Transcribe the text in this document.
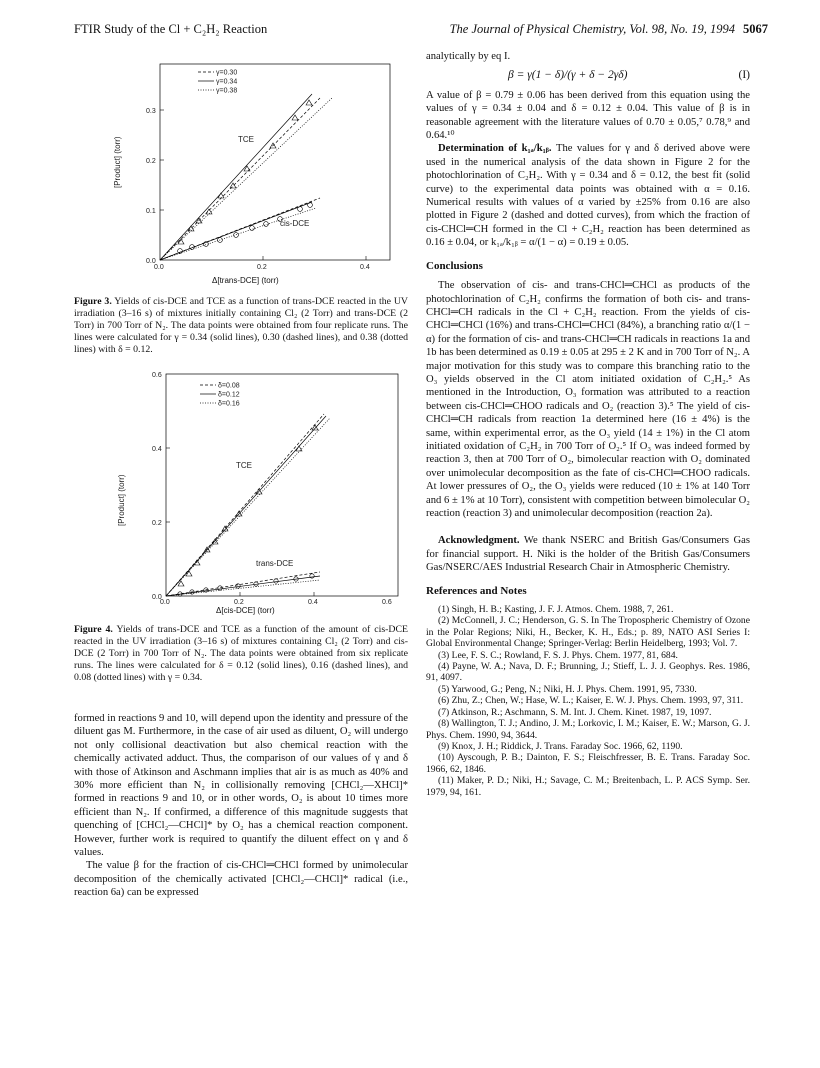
FTIR Study of the Cl + C₂H₂ Reaction	The Journal of Physical Chemistry, Vol. 98, No. 19, 1994 5067
0.0
0.1
0.2
0.3
0.0	0.2	0.4
[Product] (torr)
γ=0.30
γ=0.34
γ=0.38
TCE
cis-DCE
Figure 3. Yields of cis-DCE and TCE as a function of trans-DCE reacted in the UV irradiation (3–16 s) of mixtures initially containing Cl₂ (2 Torr) and trans-DCE (2 Torr) in 700 Torr of N₂. The data points were obtained from four replicate runs. The lines were calculated for γ = 0.34 (solid lines), 0.30 (dashed lines), and 0.38 (dotted lines) with δ = 0.12.
Δ[trans-DCE] (torr)
0.0
0.2
0.4
0.6
0.0	0.2	0.4	0.6
[Product] (torr)
δ=0.08
δ=0.12
δ=0.16
TCE
trans-DCE
Δ[cis-DCE] (torr)
Figure 4. Yields of trans-DCE and TCE as a function of the amount of cis-DCE reacted in the UV irradiation (3–16 s) of mixtures containing Cl₂ (2 Torr) and cis-DCE (2 Torr) in 700 Torr of N₂. The data points were obtained from six replicate runs. The lines were calculated for δ = 0.12 (solid lines), 0.16 (dashed lines), and 0.08 (dotted lines) with γ = 0.34.

formed in reactions 9 and 10, will depend upon the identity and pressure of the diluent gas M. Furthermore, in the case of air used as diluent, O₂ will undergo not only collisional deactivation but also chemical reaction with the chemically activated adduct. Thus, the comparison of our values of γ and δ with those of Atkinson and Aschmann implies that air is as much as 40% and 30% more efficient than N₂ in collisionally removing [CHCl₂—XHCl]* formed in reactions 9 and 10, or in other words, O₂ is about 10 times more efficient than N₂. If confirmed, a difference of this magnitude suggests that quenching of [CHCl₂—CHCl]* by O₂ has a chemical reaction component. However, further work is required to quantify the diluent effect on γ and δ values.

The value β for the fraction of cis-CHCl═CHCl formed by unimolecular decomposition of the chemically activated [CHCl₂—CHCl]* radical (i.e., reaction 6a) can be expressed

analytically by eq I.

β = γ(1 − δ)/(γ + δ − 2γδ)	(I)

A value of β = 0.79 ± 0.06 has been derived from this equation using the values of γ = 0.34 ± 0.04 and δ = 0.12 ± 0.04. This value of β is in reasonable agreement with the literature values of 0.70 ± 0.05,⁷ 0.78,⁹ and 0.64.¹⁰

Determination of k₁ₐ/k₁ᵦ. The values for γ and δ derived above were used in the numerical analysis of the data shown in Figure 2 for the photochlorination of C₂H₂. With γ = 0.34 and δ = 0.12, the best fit (solid curve) to the experimental data points was obtained with α = 0.16. Numerical results with values of α varied by ±25% from 0.16 are also plotted in Figure 2 (dashed and dotted curves), from which the fraction of cis-CHCl═CH formed in the Cl + C₂H₂ reaction has been determined as 0.16 ± 0.04, or k₁ₐ/k₁ᵦ = α/(1 − α) = 0.19 ± 0.05.

Conclusions

The observation of cis- and trans-CHCl═CHCl as products of the photochlorination of C₂H₂ confirms the formation of both cis- and trans-CHCl═CH radicals in the Cl + C₂H₂ reaction. From the yields of cis-CHCl═CHCl (16%) and trans-CHCl═CHCl (84%), a branching ratio α/(1 − α) for the formation of cis- and trans-CHCl═CH radicals in reactions 1a and 1b has been determined as 0.19 ± 0.05 at 295 ± 2 K and in 700 Torr of N₂. A major motivation for this study was to compare this branching ratio to the O₃ yields observed in the Cl atom initiated oxidation of C₂H₂.⁵ As mentioned in the Introduction, O₃ formation was attributed to a reaction between cis-CHCl═CHOO radicals and O₂ (reaction 3).⁵ The yield of cis-CHCl═CH radicals from reaction 1a determined here (16 ± 4%) is the same, within experimental error, as the O₃ yield (14 ± 1%) in the Cl atom initiated oxidation of C₂H₂ in 700 Torr of O₂.⁵ If O₃ was indeed formed by reaction 3, then at 700 Torr of O₂, bimolecular reaction with O₂ dominated over unimolecular decomposition as the fate of cis-CHCl═CHOO radicals. At lower pressures of O₂, the O₃ yields were reduced (10 ± 1% at 140 Torr and 6 ± 1% at 10 Torr), consistent with competition between bimolecular O₂ reaction (reaction 3) and unimolecular decomposition (reaction 2a).

Acknowledgment. We thank NSERC and British Gas/Consumers Gas for financial support. H. Niki is the holder of the British Gas/Consumers Gas/NSERC/AES Industrial Research Chair in Atmospheric Chemistry.

References and Notes

(1) Singh, H. B.; Kasting, J. F. J. Atmos. Chem. 1988, 7, 261.

(2) McConnell, J. C.; Henderson, G. S. In The Tropospheric Chemistry of Ozone in the Polar Regions; Niki, H., Becker, K. H., Eds.; p. 89, NATO ASI Series I: Global Environmental Change; Springer-Verlag: Berlin Heidelberg, 1993; Vol. 7.

(3) Lee, F. S. C.; Rowland, F. S. J. Phys. Chem. 1977, 81, 684.

(4) Payne, W. A.; Nava, D. F.; Brunning, J.; Stieff, L. J. J. Geophys. Res. 1986, 91, 4097.

(5) Yarwood, G.; Peng, N.; Niki, H. J. Phys. Chem. 1991, 95, 7330.

(6) Zhu, Z.; Chen, W.; Hase, W. L.; Kaiser, E. W. J. Phys. Chem. 1993, 97, 311.

(7) Atkinson, R.; Aschmann, S. M. Int. J. Chem. Kinet. 1987, 19, 1097.

(8) Wallington, T. J.; Andino, J. M.; Lorkovic, I. M.; Kaiser, E. W.; Marson, G. J. Phys. Chem. 1990, 94, 3644.

(9) Knox, J. H.; Riddick, J. Trans. Faraday Soc. 1966, 62, 1190.

(10) Ayscough, P. B.; Dainton, F. S.; Fleischfresser, B. E. Trans. Faraday Soc. 1966, 62, 1846.

(11) Maker, P. D.; Niki, H.; Savage, C. M.; Breitenbach, L. P. ACS Symp. Ser. 1979, 94, 161.
